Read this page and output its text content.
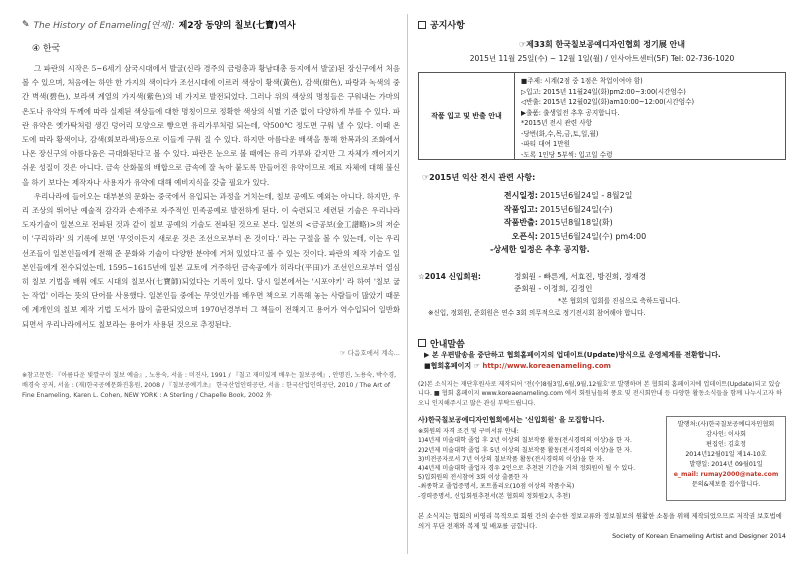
✎ The History of Enameling[연재]: 제2장 동양의 칠보(七寶)역사
④ 한국

그 파란의 시작은 5~6세기 삼국시대에서 발굴(신라 경주의 금령총과 황남대총 등지에서 발굴)된 장신구에서 처음 볼 수 있으며, 처음에는 하얀 한 가지의 색이다가 조선시대에 이르러 색상이 황색(黃色), 감색(紺色), 파랑과 녹색의 중간 벽색(碧色), 보라색 계열의 가지색(紫色)의 네 가지로 발전되었다. 그러나 위의 색상의 명칭들은 구워내는 가마의 온도나 유약의 두께에 따라 실제된 색상들에 대한 명칭이므로 정확한 색상의 식별 기준 없이 다양하게 부를 수 있다. 파란 유약은 옛가탁처럼 생긴 덩어리 모양으로 빻으면 유리가루처럼 되는데, 약500℃ 정도면 구워 낼 수 있다. 이때 온도에 따라 황색이나, 감색(회보라색)등으로 이들게 구워 질 수 있다. 하지만 아름다운 배색을 통해 한복과의 조화에서 나온 장신구의 아름다움은 극대화된다고 볼 수 있다. 파란은 눈으로 볼 때에는 유리 가루와 같지만 그 자체가 깨어지기 쉬운 성질이 것은 아니다. 금속 산화물의 배합으로 금속에 잘 녹아 붙도록 만들어진 유약이므로 재료 자체에 대해 불신을 하기 보다는 제작자나 사용자가 유약에 대해 예비지식을 갖출 필요가 있다.

우리나라에 들어오는 대부분의 문화는 중국에서 유입되는 과정을 거치는데, 칠보 공예도 예외는 아니다. 하지만, 우리 조상의 뛰어난 예술적 감각과 손재주로 자주적인 민족공예로 발전하게 된다. 이 숙련되고 세련된 기술은 우리나라 도자기술이 일본으로 전파된 것과 같이 칠보 공예의 기술도 전파된 것으로 본다. 일본의 <금공보(金工譜略)>의 저순이 '구리하라' 의 기록에 보면 '무엇이든지 새로운 것은 조선으로부터 온 것이다.' 라는 구절을 볼 수 있는데, 이는 우리 선조들이 일본인들에게 전해 준 문화와 기술이 다양한 분야에 거쳐 있었다고 볼 수 있는 것이다. 파란의 제작 기술도 일본인들에게 전수되었는데, 1595~1615년에 일본 교토에 거주하던 금속공예가 히라다(平田)가 조선인으로부터 열심히 칠보 기법을 배워 에도 시대의 칠보사(七寶師)되었다는 기록이 있다. 당시 일본에서는 '시포야키' 라 하여 '칠보 굽는 작업' 이라는 뜻의 단어를 사용했다. 일본인들 중에는 무엇인가를 배우면 책으로 기록해 놓는 사람들이 많았기 때문에 계개인의 칠보 제작 기법 도서가 많이 출판되었으며 1970년경부터 그 책들이 전해지고 용어가 역수입되어 일반화되면서 우리나라에서도 칠보라는 용어가 사용된 것으로 추정된다.

☞ 다음호에서 계속...
※참고문헌: 『아름다운 빛깔구이 칠보 예술』, 노용숙, 서울 : 미진사, 1991 / 『칠고 재미있게 배우는 칠보공예』, 안명진, 노용숙, 박수경, 배경숙 공저, 서울 : (재)한국공예문화진흥원, 2008 / 『칠보공예기초』 한국산업인력공단, 서울 : 한국산업인력공단, 2010 / The Art of Fine Enameling, Karen L. Cohen, NEW YORK : A Sterling / Chapelle Book, 2002 外
공지사항
☞제33회 한국칠보공예디자인협회 정기展 안내
2015년 11월 25일(수) ~ 12월 1일(월) / 인사아트센터(5F) Tel: 02-736-1020
작품 입고 및 반출 안내
■주제: 시계(2점 중 1점은 착업이여야 함)
▷입고: 2015년 11월24일(화)pm2:00~3:00(시간엄수)
◁반출: 2015년 12월02일(화)am10:00~12:00(시간엄수)
▶출품: 출생일전 추후 공지합니다.
*2015년 전시 관련 사항
-당번(화,수,목,금,토,일,월)
-파티 대여 1만원
-도록 1인당 5부씩: 입고일 수령
☞2015년 익산 전시 관련 사항:
전시일정: 2015년6월24일 - 8월2일
작품입고: 2015년6월24일(수)
작품반출: 2015년8월18일(화)
오픈식: 2015년6월24일(수) pm4:00
-상세한 일정은 추후 공지함.
☆2014 신입회원:	정회원 - 빠른계, 서효진, 방진희, 정재경
준회원 - 이정희, 김정인
*본 협회의 입회를 진심으로 축하드립니다.
※신입, 정회원, 준회원은 연수 3회 의무적으로 정기전시회 참여해야 합니다.
안내말씀
▶ 본 우편발송을 중단하고 협회홈페이지의 업데이트(Update)방식으로 운영체계를 전환합니다.
■협회홈페이지 ☞ http://www.koreaenameling.com
(2)본 소식지는 재단후원사로 제작되어 '전(수)8월3일,6월,9월,12월호'로 발행하며 본 협회의 홈페이지에 업데이트(Update)되고 있습니다. ■ 협회 홈페이지 www.koreaenameling.com 에서 회원님들의 풍요 및 전시회안내 등 다양한 활동소식들을 함께 나누시고자 하오니 인지해주시고 많은 관심 부탁드립니다.
사)한국칠보공예디자인협회에서는 '신입회원' 을 모집합니다.
※회원의 자격 조건 및 구비서류 안내:
1)4년제 미술대학 졸업 후 2년 이상의 칠보작품 활동(전시경력의 이상)을 한 자.
2)2년제 미술대학 졸업 후 5년 이상의 칠보작품 활동(전시경력의 이상)을 한 자.
3)비전공자로서 7년 이상의 칠보작품 활동(전시경력의 이상)을 한 자.
4)4년제 미술대학 졸업자 경우 2인으로 추천된 기간을 거쳐 정회원이 될 수 있다.
5)입회원의 전시참여 3회 이상 출품한 자
-최종학교 졸업증명서, 포트폴리오(10점 이상의 작품수록)
-경력증명서, 신입회원추천서(본 협회의 정회원2人 추천)
발행처:(사)한국칠보공예디자인협회
감사인: 이사회
편집인: 김효정
2014년12월01일 제14-10호
발행일: 2014년 09월01일
e_mail: rumay2000@nate.com
문의&제보를 접수합니다.
본 소식지는 협회의 비영리 목적으로 회원 간의 순수한 정보교류와 정보칠보의 원활한 소통을 위해 제작되었으므로 저작권 보호법에 의거 무단 전재와 복제 및 배포를 금합니다.
Society of Korean Enameling Artist and Designer 2014
